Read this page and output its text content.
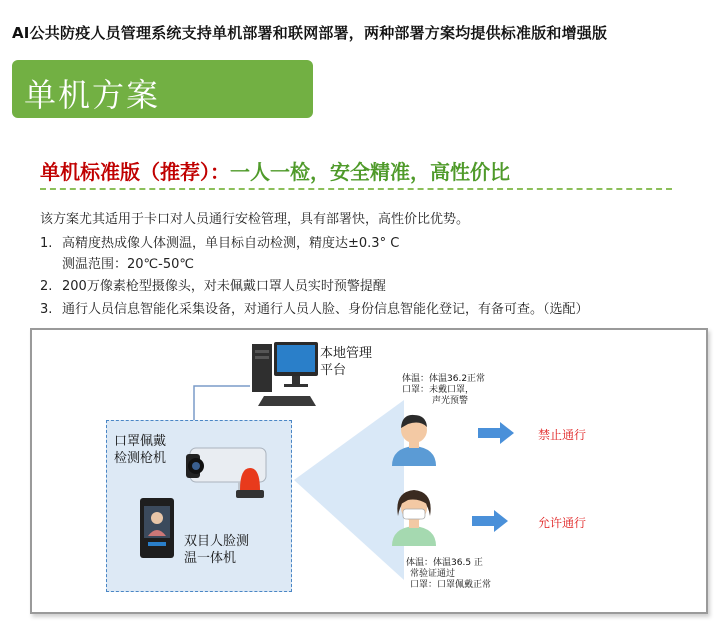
AI公共防疫人员管理系统支持单机部署和联网部署，两种部署方案均提供标准版和增强版
单机方案
单机标准版（推荐）：一人一检，安全精准，高性价比
该方案尤其适用于卡口对人员通行安检管理，具有部署快，高性价比优势。
1. 高精度热成像人体测温，单目标自动检测，精度达±0.3° C
测温范围：20℃-50℃
2. 200万像素枪型摄像头，对未佩戴口罩人员实时预警提醒
3. 通行人员信息智能化采集设备，对通行人员人脸、身份信息智能化登记，有备可查。（选配）
本地管理
平台
口罩佩戴
检测枪机
双目人脸测
温一体机
体温：体温36.2正常
口罩：未戴口罩，
声光预警
禁止通行
允许通行
体温：体温36.5 正
常验证通过
口罩：口罩佩戴正常
